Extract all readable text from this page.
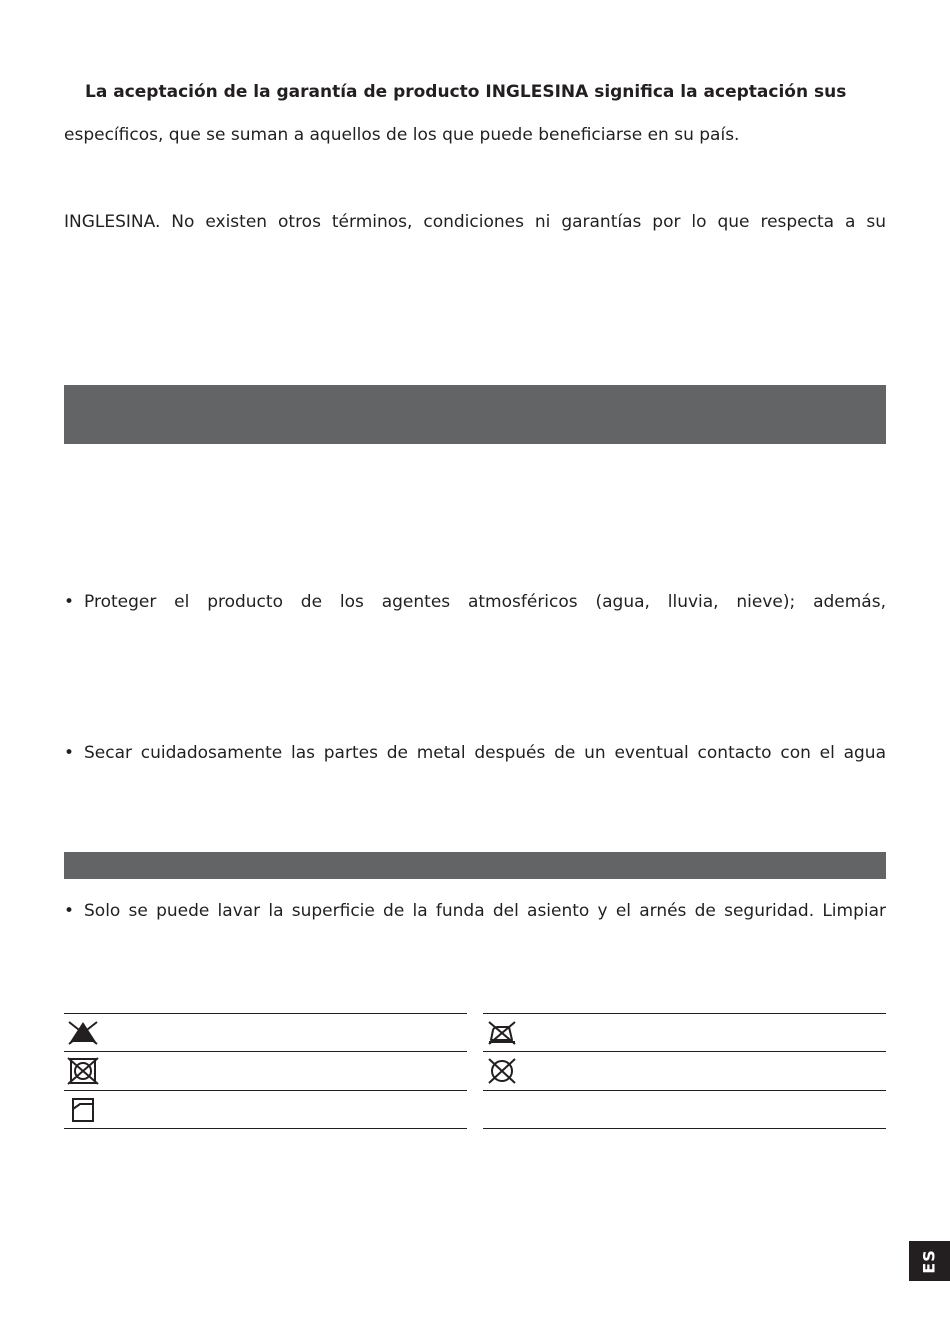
La aceptación de la garantía de producto INGLESINA significa la aceptación sus
específicos, que se suman a aquellos de los que puede beneficiarse en su país.
INGLESINA. No existen otros términos, condiciones ni garantías por lo que respecta a su
• Proteger el producto de los agentes atmosféricos (agua, lluvia, nieve); además,
• Secar cuidadosamente las partes de metal después de un eventual contacto con el agua
• Solo se puede lavar la superficie de la funda del asiento y el arnés de seguridad. Limpiar
ES
